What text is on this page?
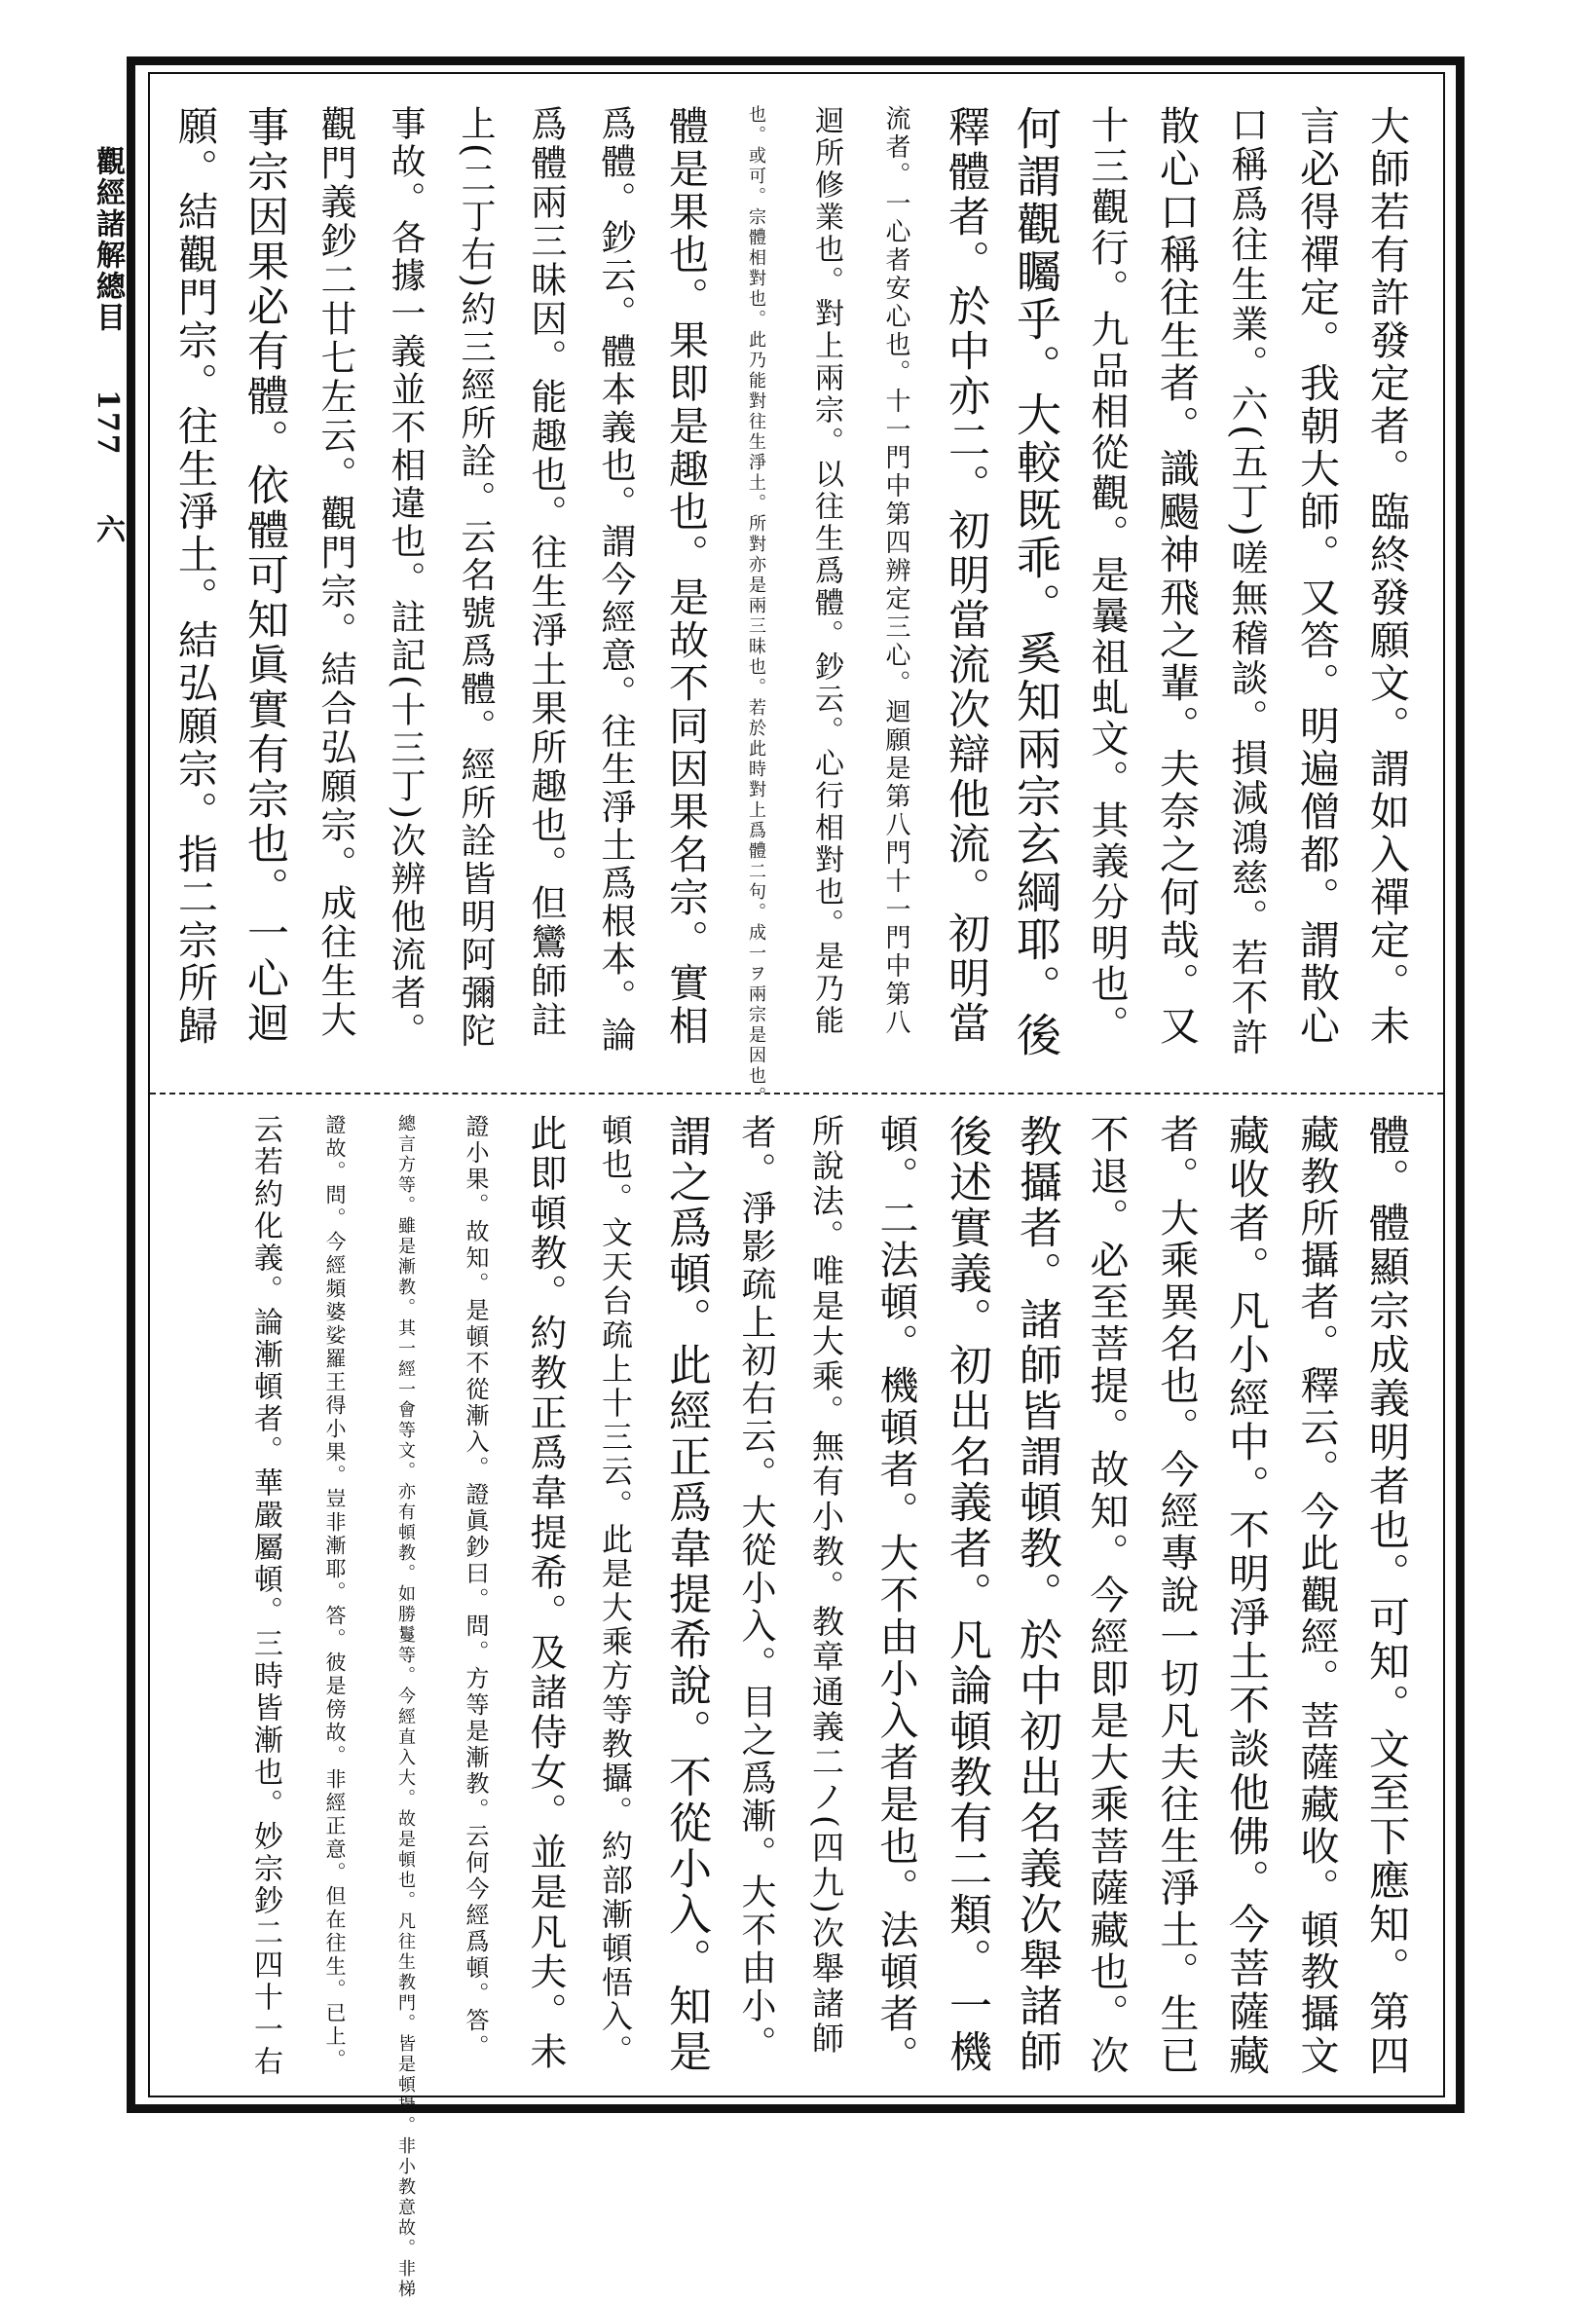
觀經諸解總目 177 六	大師若有許發定者。臨終發願文。謂如入禪定。未
言必得禪定。我朝大師。又答。明遍僧都。謂散心
口稱爲往生業。六(五丁)嗟無稽談。損減鴻慈。若不許
散心口稱往生者。識颺神飛之輩。夫奈之何哉。又
十三觀行。九品相從觀。是曩祖虬文。其義分明也。
何謂觀矚乎。大較既乖。奚知兩宗玄綱耶。後
釋體者。於中亦二。初明當流次辯他流。初明當
流者。一心者安心也。十一門中第四辨定三心。迴願是第八門十一門中第八
迴所修業也。對上兩宗。以往生爲體。鈔云。心行相對也。是乃能
也。或可。宗體相對也。此乃能對往生淨土。所對亦是兩三昧也。若於此時對上爲體二句。成一ヲ兩宗是因也。
體是果也。果即是趣也。是故不同因果名宗。實相
爲體。鈔云。體本義也。謂今經意。往生淨土爲根本。論
爲體兩三昧因。能趣也。往生淨土果所趣也。但鸞師註
上(二丁右)約三經所詮。云名號爲體。經所詮皆明阿彌陀
事故。各據一義並不相違也。註記(十三丁)次辨他流者。
觀門義鈔二廿七左云。觀門宗。結合弘願宗。成往生大
事宗因果必有體。依體可知眞實有宗也。一心迴
願。結觀門宗。往生淨土。結弘願宗。指二宗所歸
體。體顯宗成義明者也。可知。文至下應知。第四
藏教所攝者。釋云。今此觀經。菩薩藏收。頓教攝文
藏收者。凡小經中。不明淨土不談他佛。今菩薩藏
者。大乘異名也。今經專說一切凡夫往生淨土。生已
不退。必至菩提。故知。今經即是大乘菩薩藏也。次
教攝者。諸師皆謂頓教。於中初出名義次舉諸師
後述實義。初出名義者。凡論頓教有二類。一機
頓。二法頓。機頓者。大不由小入者是也。法頓者。
所說法。唯是大乘。無有小教。教章通義二ノ(四九)次舉諸師
者。淨影疏上初右云。大從小入。目之爲漸。大不由小。
謂之爲頓。此經正爲韋提希說。不從小入。知是
頓也。文天台疏上十三云。此是大乘方等教攝。約部漸頓悟入。
此即頓教。約教正爲韋提希。及諸侍女。並是凡夫。未
證小果。故知。是頓不從漸入。證眞鈔曰。問。方等是漸教。云何今經爲頓。答。
總言方等。雖是漸教。其一經一會等文。亦有頓教。如勝鬘等。今經直入大。故是頓也。凡往生教門。皆是頓攝。非小教意故。非梯
證故。問。今經頻婆娑羅王得小果。豈非漸耶。答。彼是傍故。非經正意。但在往生。已上。
云若約化義。論漸頓者。華嚴屬頓。三時皆漸也。妙宗鈔二四十一右
